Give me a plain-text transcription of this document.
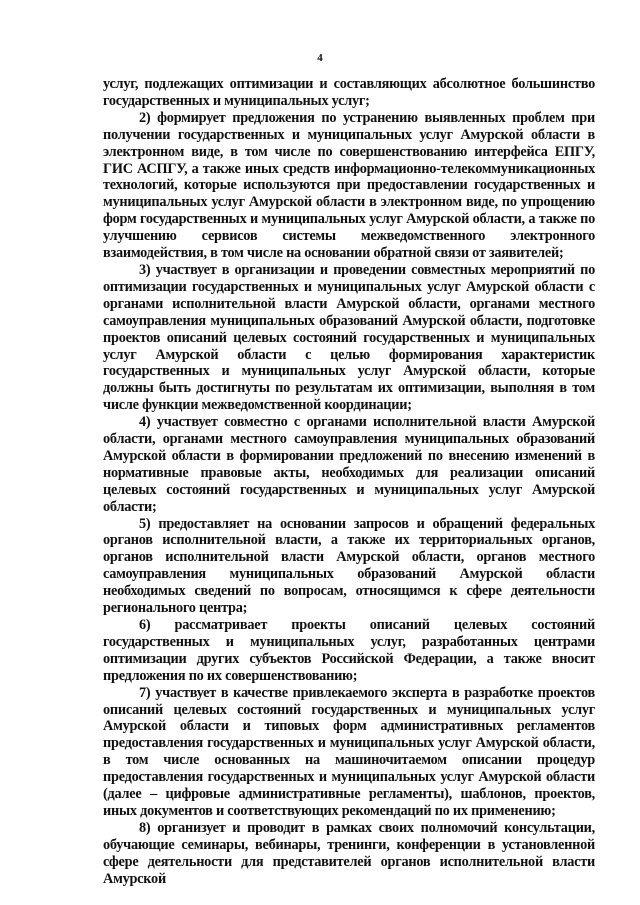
4

услуг, подлежащих оптимизации и составляющих абсолютное большинство государственных и муниципальных услуг;

2) формирует предложения по устранению выявленных проблем при получении государственных и муниципальных услуг Амурской области в электронном виде, в том числе по совершенствованию интерфейса ЕПГУ, ГИС АСПГУ, а также иных средств информационно-телекоммуникационных технологий, которые используются при предоставлении государственных и муниципальных услуг Амурской области в электронном виде, по упрощению форм государственных и муниципальных услуг Амурской области, а также по улучшению сервисов системы межведомственного электронного взаимодействия, в том числе на основании обратной связи от заявителей;

3) участвует в организации и проведении совместных мероприятий по оптимизации государственных и муниципальных услуг Амурской области с органами исполнительной власти Амурской области, органами местного самоуправления муниципальных образований Амурской области, подготовке проектов описаний целевых состояний государственных и муниципальных услуг Амурской области с целью формирования характеристик государственных и муниципальных услуг Амурской области, которые должны быть достигнуты по результатам их оптимизации, выполняя в том числе функции межведомственной координации;

4) участвует совместно с органами исполнительной власти Амурской области, органами местного самоуправления муниципальных образований Амурской области в формировании предложений по внесению изменений в нормативные правовые акты, необходимых для реализации описаний целевых состояний государственных и муниципальных услуг Амурской области;

5) предоставляет на основании запросов и обращений федеральных органов исполнительной власти, а также их территориальных органов, органов исполнительной власти Амурской области, органов местного самоуправления муниципальных образований Амурской области необходимых сведений по вопросам, относящимся к сфере деятельности регионального центра;

6) рассматривает проекты описаний целевых состояний государственных и муниципальных услуг, разработанных центрами оптимизации других субъектов Российской Федерации, а также вносит предложения по их совершенствованию;

7) участвует в качестве привлекаемого эксперта в разработке проектов описаний целевых состояний государственных и муниципальных услуг Амурской области и типовых форм административных регламентов предоставления государственных и муниципальных услуг Амурской области, в том числе основанных на машиночитаемом описании процедур предоставления государственных и муниципальных услуг Амурской области (далее – цифровые административные регламенты), шаблонов, проектов, иных документов и соответствующих рекомендаций по их применению;

8) организует и проводит в рамках своих полномочий консультации, обучающие семинары, вебинары, тренинги, конференции в установленной сфере деятельности для представителей органов исполнительной власти Амурской
